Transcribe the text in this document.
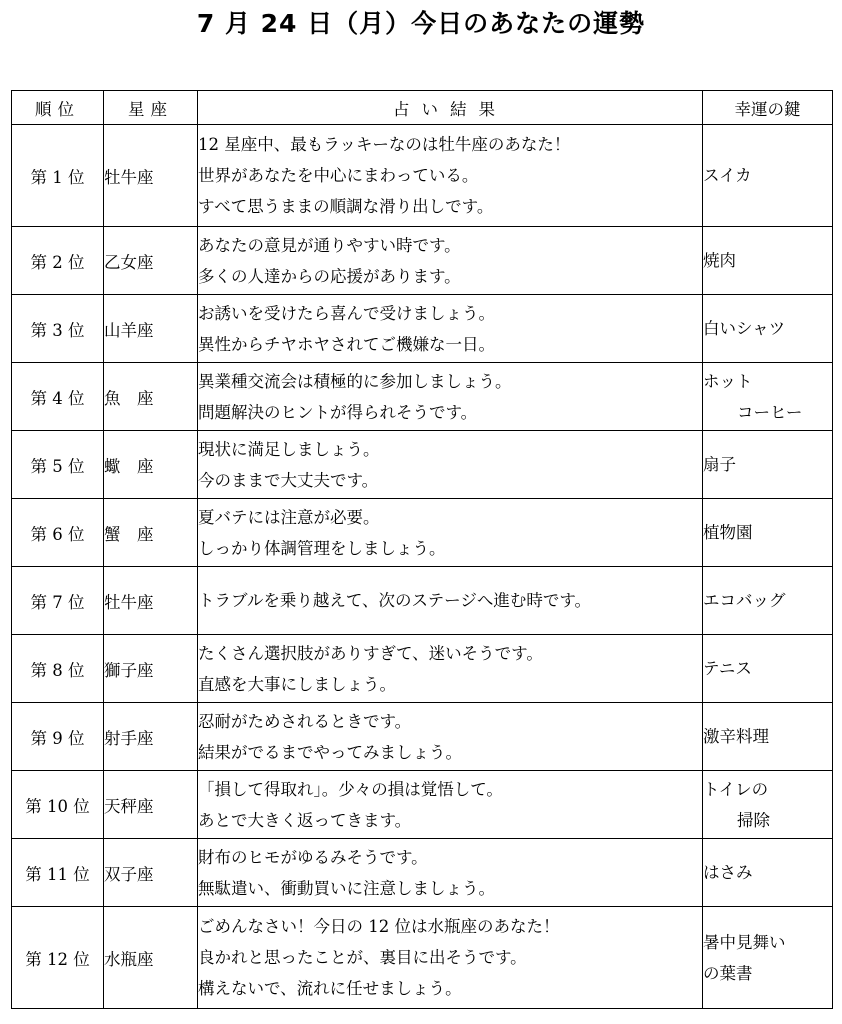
7 月 24 日（月）今日のあなたの運勢
順位	星座	占い結果	幸運の鍵
第 1 位	牡牛座	12 星座中、最もラッキーなのは牡牛座のあなた！
世界があなたを中心にまわっている。
すべて思うままの順調な滑り出しです。	スイカ

第 2 位	乙女座	あなたの意見が通りやすい時です。
多くの人達からの応援があります。	焼肉

第 3 位	山羊座	お誘いを受けたら喜んで受けましょう。
異性からチヤホヤされてご機嫌な一日。	白いシャツ

第 4 位	魚　座	異業種交流会は積極的に参加しましょう。
問題解決のヒントが得られそうです。	ホット
コーヒー

第 5 位	蠍　座	現状に満足しましょう。
今のままで大丈夫です。	扇子

第 6 位	蟹　座	夏バテには注意が必要。
しっかり体調管理をしましょう。	植物園

第 7 位	牡牛座	トラブルを乗り越えて、次のステージへ進む時です。	エコバッグ

第 8 位	獅子座	たくさん選択肢がありすぎて、迷いそうです。
直感を大事にしましょう。	テニス

第 9 位	射手座	忍耐がためされるときです。
結果がでるまでやってみましょう。	激辛料理

第 10 位	天秤座	「損して得取れ」。少々の損は覚悟して。
あとで大きく返ってきます。	トイレの
掃除

第 11 位	双子座	財布のヒモがゆるみそうです。
無駄遣い、衝動買いに注意しましょう。	はさみ

第 12 位	水瓶座	ごめんなさい！今日の 12 位は水瓶座のあなた！
良かれと思ったことが、裏目に出そうです。
構えないで、流れに任せましょう。	暑中見舞い
の葉書
